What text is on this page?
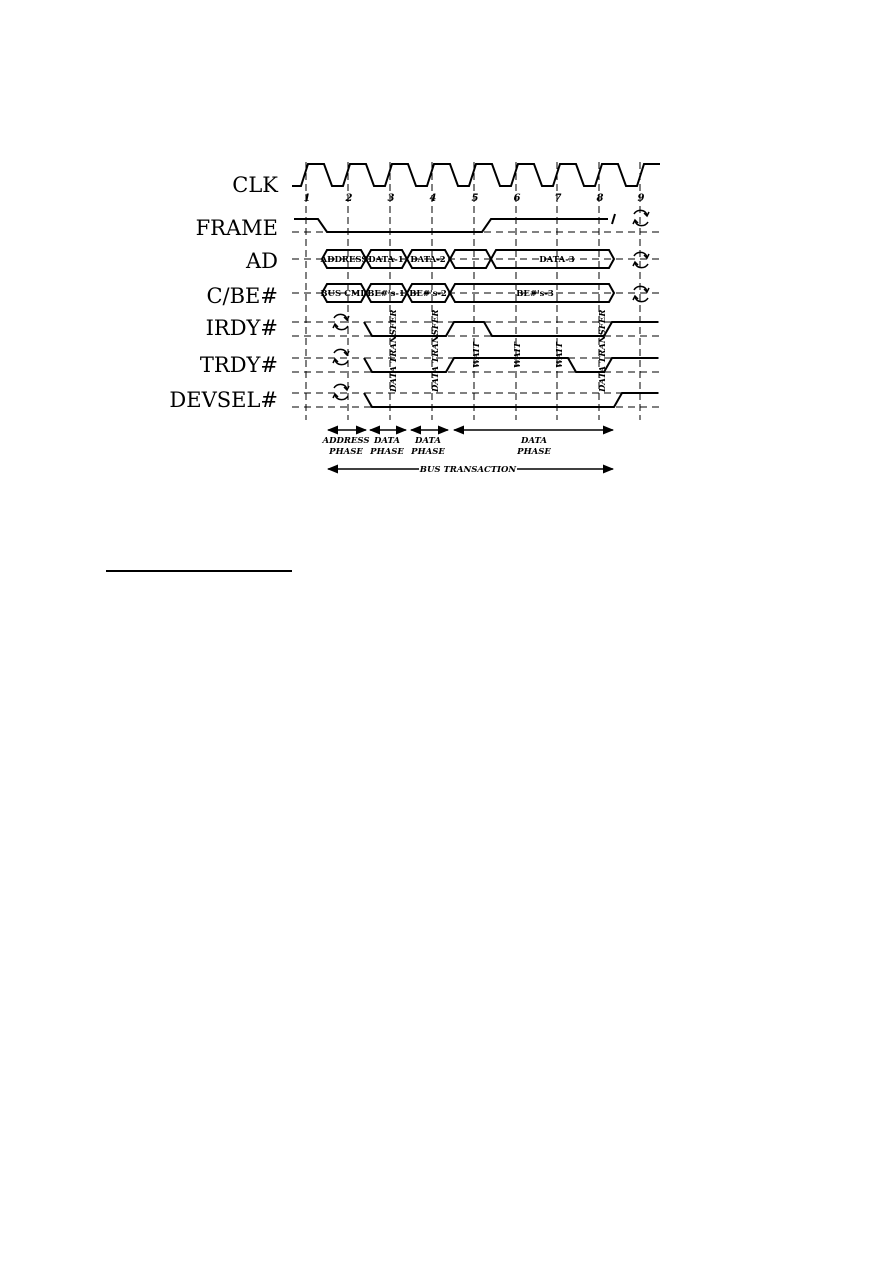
CLK
FRAME
AD
C/BE#
IRDY#
TRDY#
DEVSEL#
1	2	3	4	5	6	7	8	9
ADDRESS DATA-1 DATA-2	DATA-3
BUS CMD BE#'s-1 BE#'s-2	BE#'s-3
DATA TRANSFER	DATA TRANSFER	DATA TRANSFER
WAIT	WAIT	WAIT
ADDRESS
PHASE
DATA
PHASE
DATA
PHASE
DATA
PHASE
BUS TRANSACTION
